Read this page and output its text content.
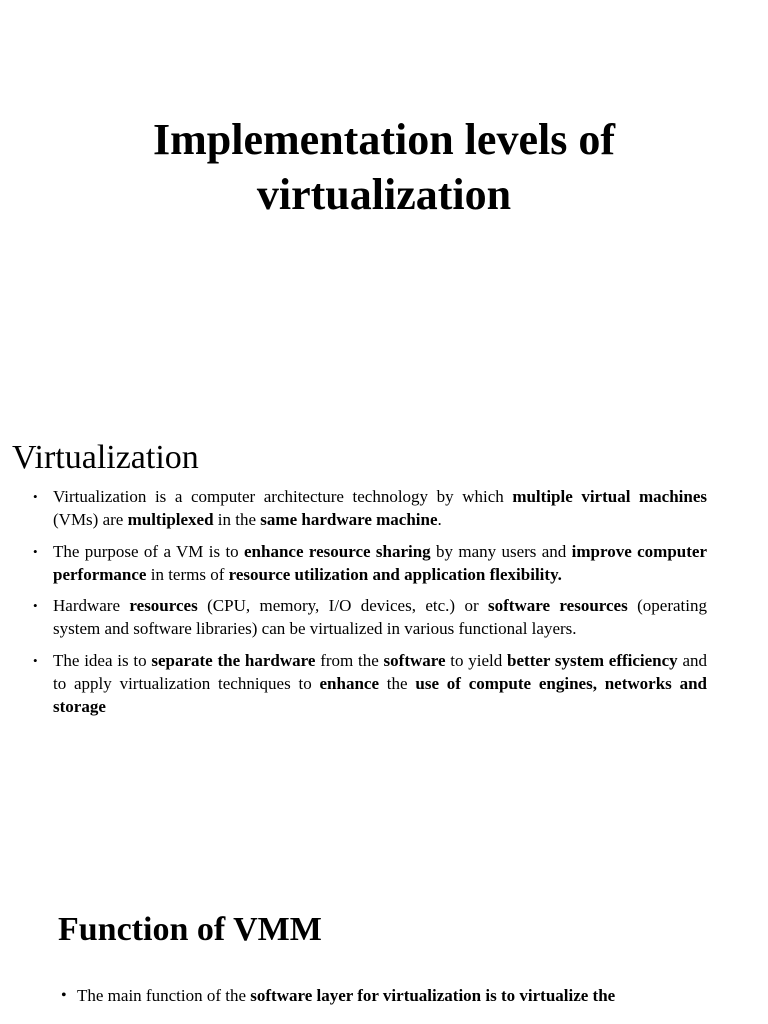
Implementation levels of
virtualization
Virtualization
• Virtualization is a computer architecture technology by which multiple virtual machines (VMs) are multiplexed in the same hardware machine.
• The purpose of a VM is to enhance resource sharing by many users and improve computer performance in terms of resource utilization and application flexibility.
• Hardware resources (CPU, memory, I/O devices, etc.) or software resources (operating system and software libraries) can be virtualized in various functional layers.
• The idea is to separate the hardware from the software to yield better system efficiency and to apply virtualization techniques to enhance the use of compute engines, networks and storage
Function of VMM
• The main function of the software layer for virtualization is to virtualize the
